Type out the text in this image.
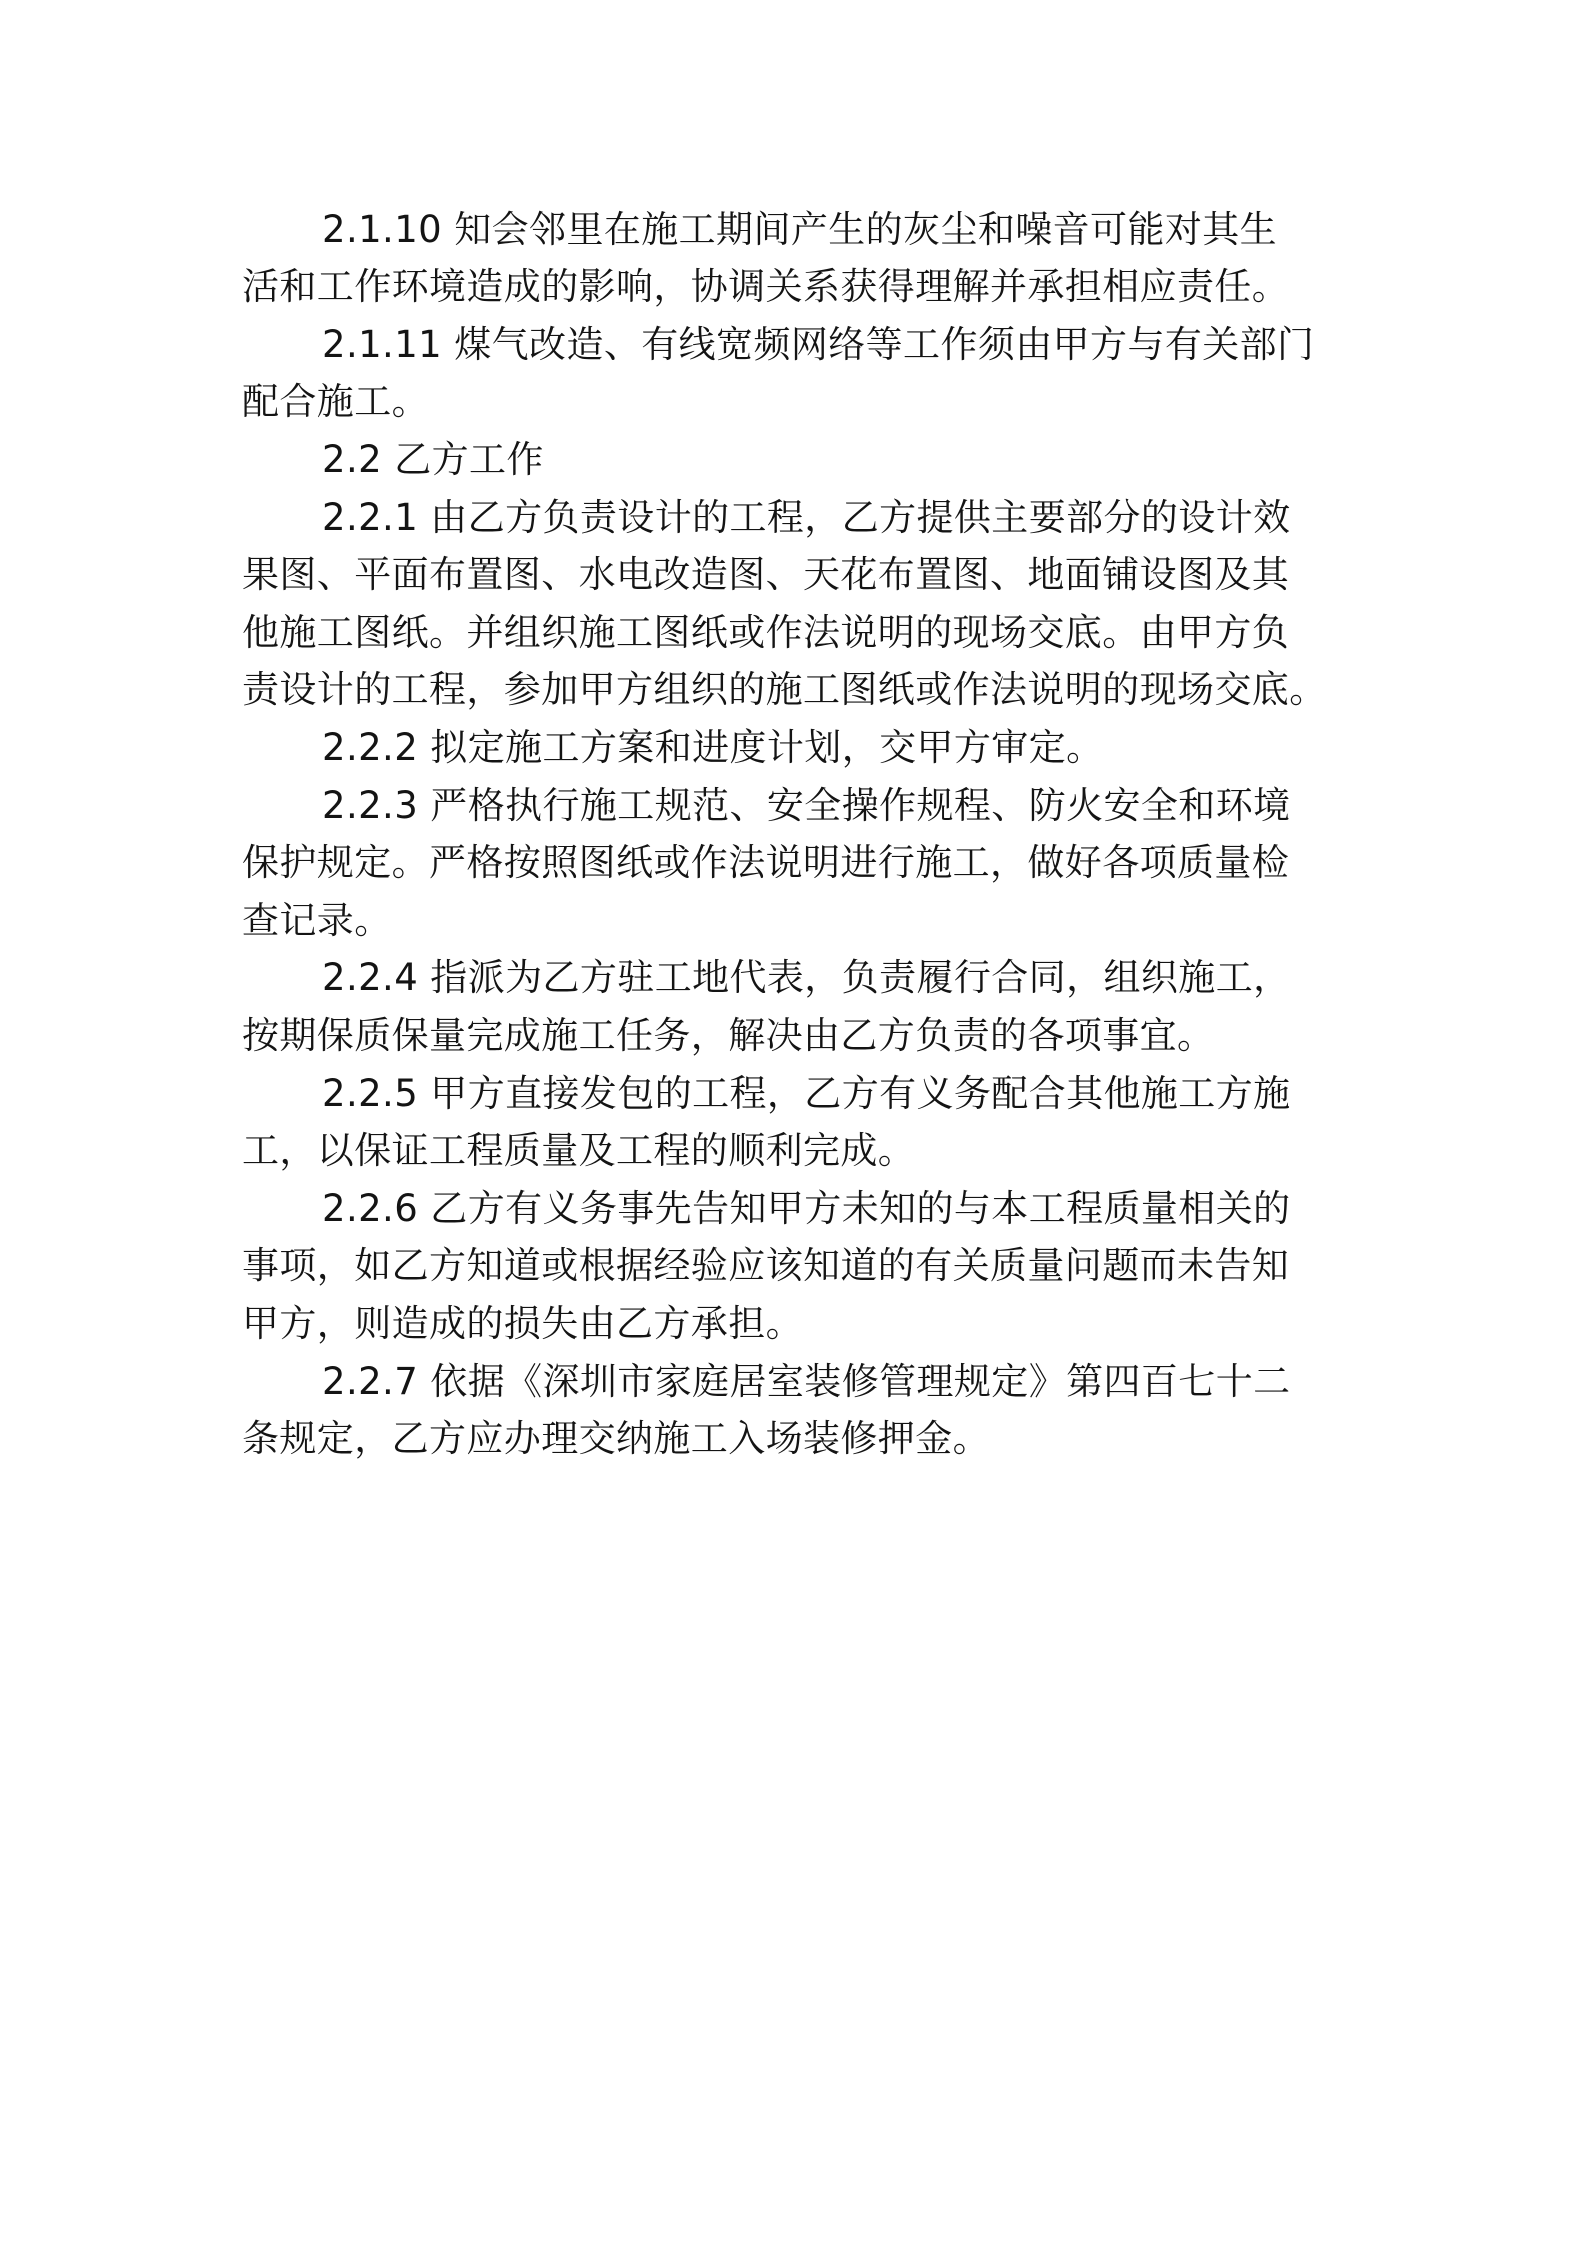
2.1.10 知会邻里在施工期间产生的灰尘和噪音可能对其生
活和工作环境造成的影响，协调关系获得理解并承担相应责任。
2.1.11 煤气改造、有线宽频网络等工作须由甲方与有关部门
配合施工。
2.2 乙方工作
2.2.1 由乙方负责设计的工程，乙方提供主要部分的设计效
果图、平面布置图、水电改造图、天花布置图、地面铺设图及其
他施工图纸。并组织施工图纸或作法说明的现场交底。由甲方负
责设计的工程，参加甲方组织的施工图纸或作法说明的现场交底。
2.2.2 拟定施工方案和进度计划，交甲方审定。
2.2.3 严格执行施工规范、安全操作规程、防火安全和环境
保护规定。严格按照图纸或作法说明进行施工，做好各项质量检
查记录。
2.2.4 指派为乙方驻工地代表，负责履行合同，组织施工，
按期保质保量完成施工任务，解决由乙方负责的各项事宜。
2.2.5 甲方直接发包的工程，乙方有义务配合其他施工方施
工，以保证工程质量及工程的顺利完成。
2.2.6 乙方有义务事先告知甲方未知的与本工程质量相关的
事项，如乙方知道或根据经验应该知道的有关质量问题而未告知
甲方，则造成的损失由乙方承担。
2.2.7 依据《深圳市家庭居室装修管理规定》第四百七十二
条规定，乙方应办理交纳施工入场装修押金。
